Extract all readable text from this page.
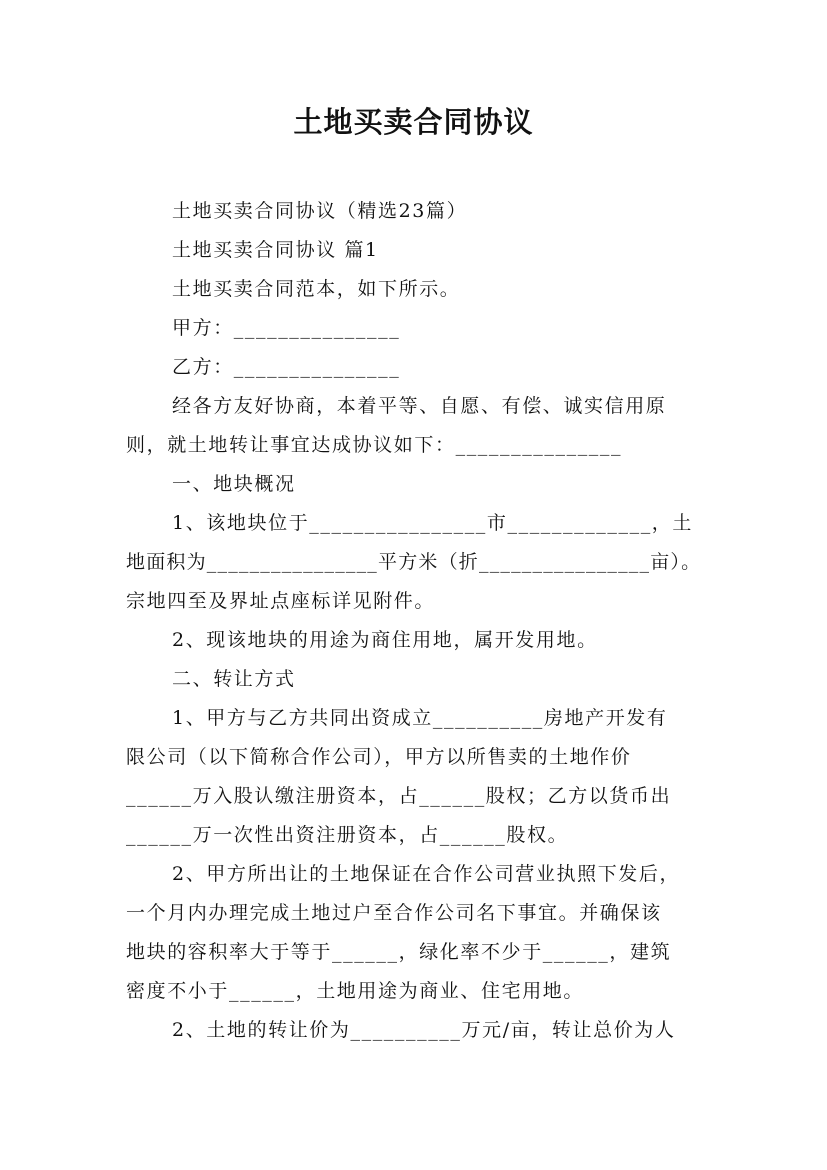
土地买卖合同协议
土地买卖合同协议（精选23篇）
土地买卖合同协议 篇1
土地买卖合同范本，如下所示。
甲方：_______________
乙方：_______________
经各方友好协商，本着平等、自愿、有偿、诚实信用原
则，就土地转让事宜达成协议如下：_______________
一、地块概况
1、该地块位于________________市_____________，土
地面积为________________平方米（折________________亩）。
宗地四至及界址点座标详见附件。
2、现该地块的用途为商住用地，属开发用地。
二、转让方式
1、甲方与乙方共同出资成立__________房地产开发有
限公司（以下简称合作公司），甲方以所售卖的土地作价
______万入股认缴注册资本，占______股权；乙方以货币出
______万一次性出资注册资本，占______股权。
2、甲方所出让的土地保证在合作公司营业执照下发后，
一个月内办理完成土地过户至合作公司名下事宜。并确保该
地块的容积率大于等于______，绿化率不少于______，建筑
密度不小于______，土地用途为商业、住宅用地。
2、土地的转让价为__________万元/亩，转让总价为人
